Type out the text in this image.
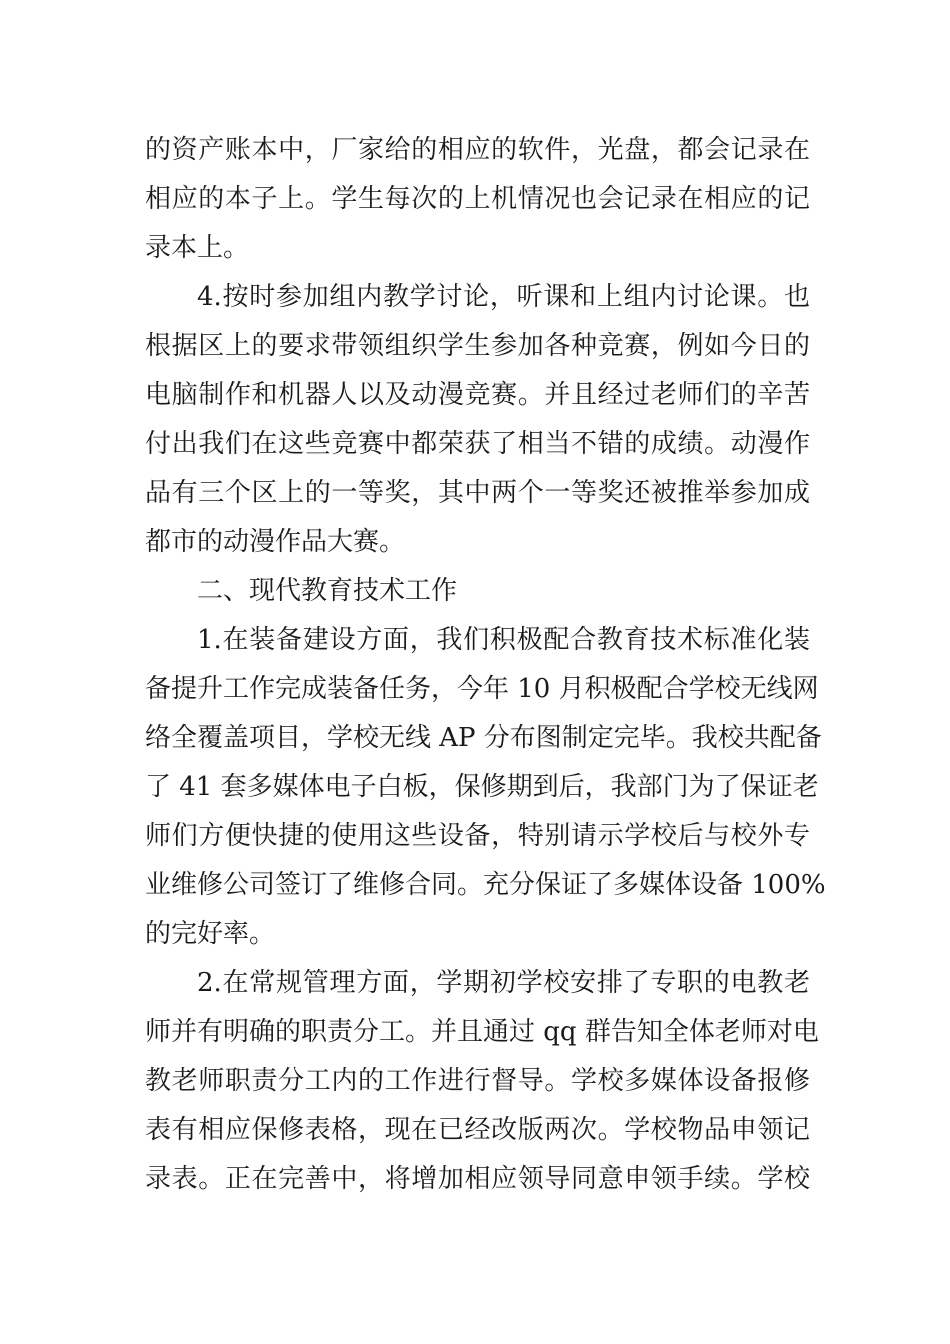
的资产账本中，厂家给的相应的软件，光盘，都会记录在
相应的本子上。学生每次的上机情况也会记录在相应的记
录本上。
4.按时参加组内教学讨论，听课和上组内讨论课。也
根据区上的要求带领组织学生参加各种竞赛，例如今日的
电脑制作和机器人以及动漫竞赛。并且经过老师们的辛苦
付出我们在这些竞赛中都荣获了相当不错的成绩。动漫作
品有三个区上的一等奖，其中两个一等奖还被推举参加成
都市的动漫作品大赛。
二、现代教育技术工作
1.在装备建设方面，我们积极配合教育技术标准化装
备提升工作完成装备任务，今年 10 月积极配合学校无线网
络全覆盖项目，学校无线 AP 分布图制定完毕。我校共配备
了 41 套多媒体电子白板，保修期到后，我部门为了保证老
师们方便快捷的使用这些设备，特别请示学校后与校外专
业维修公司签订了维修合同。充分保证了多媒体设备 100%
的完好率。
2.在常规管理方面，学期初学校安排了专职的电教老
师并有明确的职责分工。并且通过 qq 群告知全体老师对电
教老师职责分工内的工作进行督导。学校多媒体设备报修
表有相应保修表格，现在已经改版两次。学校物品申领记
录表。正在完善中，将增加相应领导同意申领手续。学校
